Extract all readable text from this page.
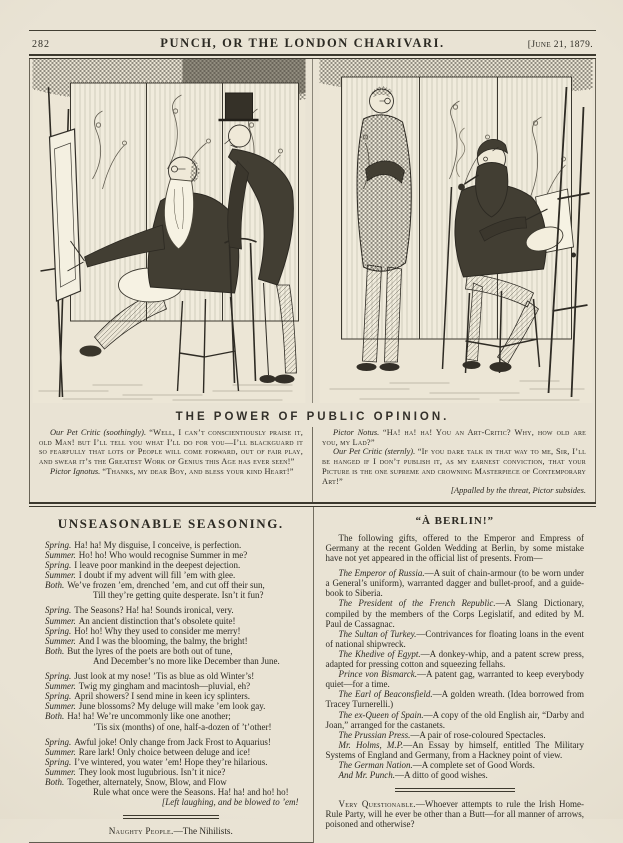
282	PUNCH, OR THE LONDON CHARIVARI.	[June 21, 1879.
THE POWER OF PUBLIC OPINION.

Our Pet Critic (soothingly). “Well, I can’t conscientiously praise it, old Man! but I’ll tell you what I’ll do for you—I’ll blackguard it so fearfully that lots of People will come forward, out of fair play, and swear it’s the Greatest Work of Genius this Age has ever seen!”

Pictor Ignotus. “Thanks, my dear Boy, and bless your kind Heart!”

Pictor Notus. “Ha! ha! ha! You an Art-Critic? Why, how old are you, my Lad?”

Our Pet Critic (sternly). “If you dare talk in that way to me, Sir, I’ll be hanged if I don’t publish it, as my earnest conviction, that your Picture is the one supreme and crowning Masterpiece of Contemporary Art!”

[Appalled by the threat, Pictor subsides.

UNSEASONABLE SEASONING.

Spring. Ha! ha! My disguise, I conceive, is perfection.

Summer. Ho! ho! Who would recognise Summer in me?

Spring. I leave poor mankind in the deepest dejection.

Summer. I doubt if my advent will fill ’em with glee.

Both. We’ve frozen ’em, drenched ’em, and cut off their sun,

Till they’re getting quite desperate. Isn’t it fun?

Spring. The Seasons? Ha! ha! Sounds ironical, very.

Summer. An ancient distinction that’s obsolete quite!

Spring. Ho! ho! Why they used to consider me merry!

Summer. And I was the blooming, the balmy, the bright!

Both. But the lyres of the poets are both out of tune,

And December’s no more like December than June.

Spring. Just look at my nose! ’Tis as blue as old Winter’s!

Summer. Twig my gingham and macintosh—pluvial, eh?

Spring. April showers? I send mine in keen icy splinters.

Summer. June blossoms? My deluge will make ’em look gay.

Both. Ha! ha! We’re uncommonly like one another;

’Tis six (months) of one, half-a-dozen of ’t’other!

Spring. Awful joke! Only change from Jack Frost to Aquarius!

Summer. Rare lark! Only choice between deluge and ice!

Spring. I’ve wintered, you water ’em! Hope they’re hilarious.

Summer. They look most lugubrious. Isn’t it nice?

Both. Together, alternately, Snow, Blow, and Flow

Rule what once were the Seasons. Ha! ha! and ho! ho!

[Left laughing, and be blowed to ’em!

Naughty People.—The Nihilists.

“À BERLIN!”

The following gifts, offered to the Emperor and Empress of Germany at the recent Golden Wedding at Berlin, by some mistake have not yet appeared in the official list of presents. From—

The Emperor of Russia.—A suit of chain-armour (to be worn under a General’s uniform), warranted dagger and bullet-proof, and a guide-book to Siberia.

The President of the French Republic.—A Slang Dictionary, compiled by the members of the Corps Legislatif, and edited by M. Paul de Cassagnac.

The Sultan of Turkey.—Contrivances for floating loans in the event of national shipwreck.

The Khedive of Egypt.—A donkey-whip, and a patent screw press, adapted for pressing cotton and squeezing fellahs.

Prince von Bismarck.—A patent gag, warranted to keep everybody quiet—for a time.

The Earl of Beaconsfield.—A golden wreath. (Idea borrowed from Tracey Turnerelli.)

The ex-Queen of Spain.—A copy of the old English air, “Darby and Joan,” arranged for the castanets.

The Prussian Press.—A pair of rose-coloured Spectacles.

Mr. Holms, M.P.—An Essay by himself, entitled The Military Systems of England and Germany, from a Hackney point of view.

The German Nation.—A complete set of Good Words.

And Mr. Punch.—A ditto of good wishes.

Very Questionable.—Whoever attempts to rule the Irish Home-Rule Party, will he ever be other than a Butt—for all manner of arrows, poisoned and otherwise?
